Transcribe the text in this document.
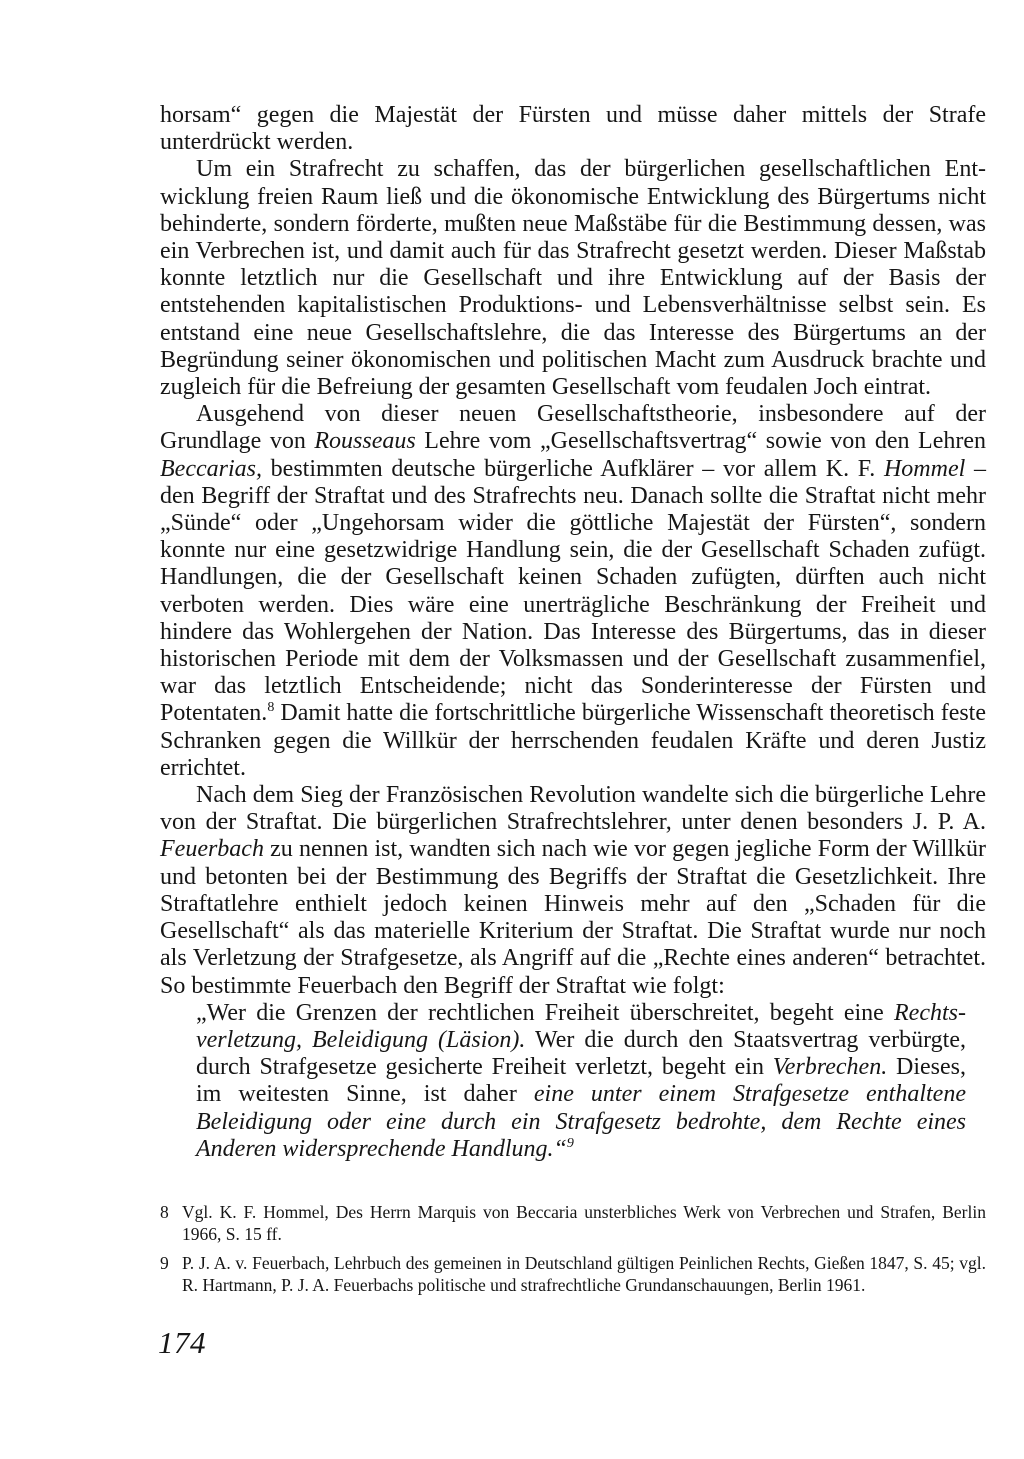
horsam“ gegen die Majestät der Fürsten und müsse daher mittels der Strafe unterdrückt werden.

Um ein Strafrecht zu schaffen, das der bürgerlichen gesellschaftlichen Entwicklung freien Raum ließ und die ökonomische Entwicklung des Bürgertums nicht behinderte, sondern förderte, mußten neue Maßstäbe für die Bestimmung dessen, was ein Verbrechen ist, und damit auch für das Strafrecht gesetzt werden. Dieser Maßstab konnte letztlich nur die Gesellschaft und ihre Entwicklung auf der Basis der entstehenden kapitalistischen Produktions- und Lebensverhältnisse selbst sein. Es entstand eine neue Gesellschaftslehre, die das Interesse des Bürgertums an der Begründung seiner ökonomischen und politischen Macht zum Ausdruck brachte und zugleich für die Befreiung der gesamten Gesellschaft vom feudalen Joch eintrat.

Ausgehend von dieser neuen Gesellschaftstheorie, insbesondere auf der Grundlage von Rousseaus Lehre vom „Gesellschaftsvertrag“ sowie von den Lehren Beccarias, bestimmten deutsche bürgerliche Aufklärer – vor allem K. F. Hommel – den Begriff der Straftat und des Strafrechts neu. Danach sollte die Straftat nicht mehr „Sünde“ oder „Ungehorsam wider die göttliche Majestät der Fürsten“, sondern konnte nur eine gesetzwidrige Handlung sein, die der Gesellschaft Schaden zufügt. Handlungen, die der Gesellschaft keinen Schaden zufügten, dürften auch nicht verboten werden. Dies wäre eine unerträgliche Beschränkung der Freiheit und hindere das Wohlergehen der Nation. Das Interesse des Bürgertums, das in dieser historischen Periode mit dem der Volksmassen und der Gesellschaft zusammenfiel, war das letztlich Entscheidende; nicht das Sonderinteresse der Fürsten und Potentaten.$^8$ Damit hatte die fortschrittliche bürgerliche Wissenschaft theoretisch feste Schranken gegen die Willkür der herrschenden feudalen Kräfte und deren Justiz errichtet.

Nach dem Sieg der Französischen Revolution wandelte sich die bürgerliche Lehre von der Straftat. Die bürgerlichen Strafrechtslehrer, unter denen besonders J. P. A. Feuerbach zu nennen ist, wandten sich nach wie vor gegen jegliche Form der Willkür und betonten bei der Bestimmung des Begriffs der Straftat die Gesetzlichkeit. Ihre Straftatlehre enthielt jedoch keinen Hinweis mehr auf den „Schaden für die Gesellschaft“ als das materielle Kriterium der Straftat. Die Straftat wurde nur noch als Verletzung der Strafgesetze, als Angriff auf die „Rechte eines anderen“ betrachtet. So bestimmte Feuerbach den Begriff der Straftat wie folgt:

„Wer die Grenzen der rechtlichen Freiheit überschreitet, begeht eine Rechtsverletzung, Beleidigung (Läsion). Wer die durch den Staatsvertrag verbürgte, durch Strafgesetze gesicherte Freiheit verletzt, begeht ein Verbrechen. Dieses, im weitesten Sinne, ist daher eine unter einem Strafgesetze enthaltene Beleidigung oder eine durch ein Strafgesetz bedrohte, dem Rechte eines Anderen widersprechende Handlung.“$^9$

8 Vgl. K. F. Hommel, Des Herrn Marquis von Beccaria unsterbliches Werk von Verbrechen und Strafen, Berlin 1966, S. 15 ff.
9 P. J. A. v. Feuerbach, Lehrbuch des gemeinen in Deutschland gültigen Peinlichen Rechts, Gießen 1847, S. 45; vgl. R. Hartmann, P. J. A. Feuerbachs politische und strafrechtliche Grundanschauungen, Berlin 1961.
174
